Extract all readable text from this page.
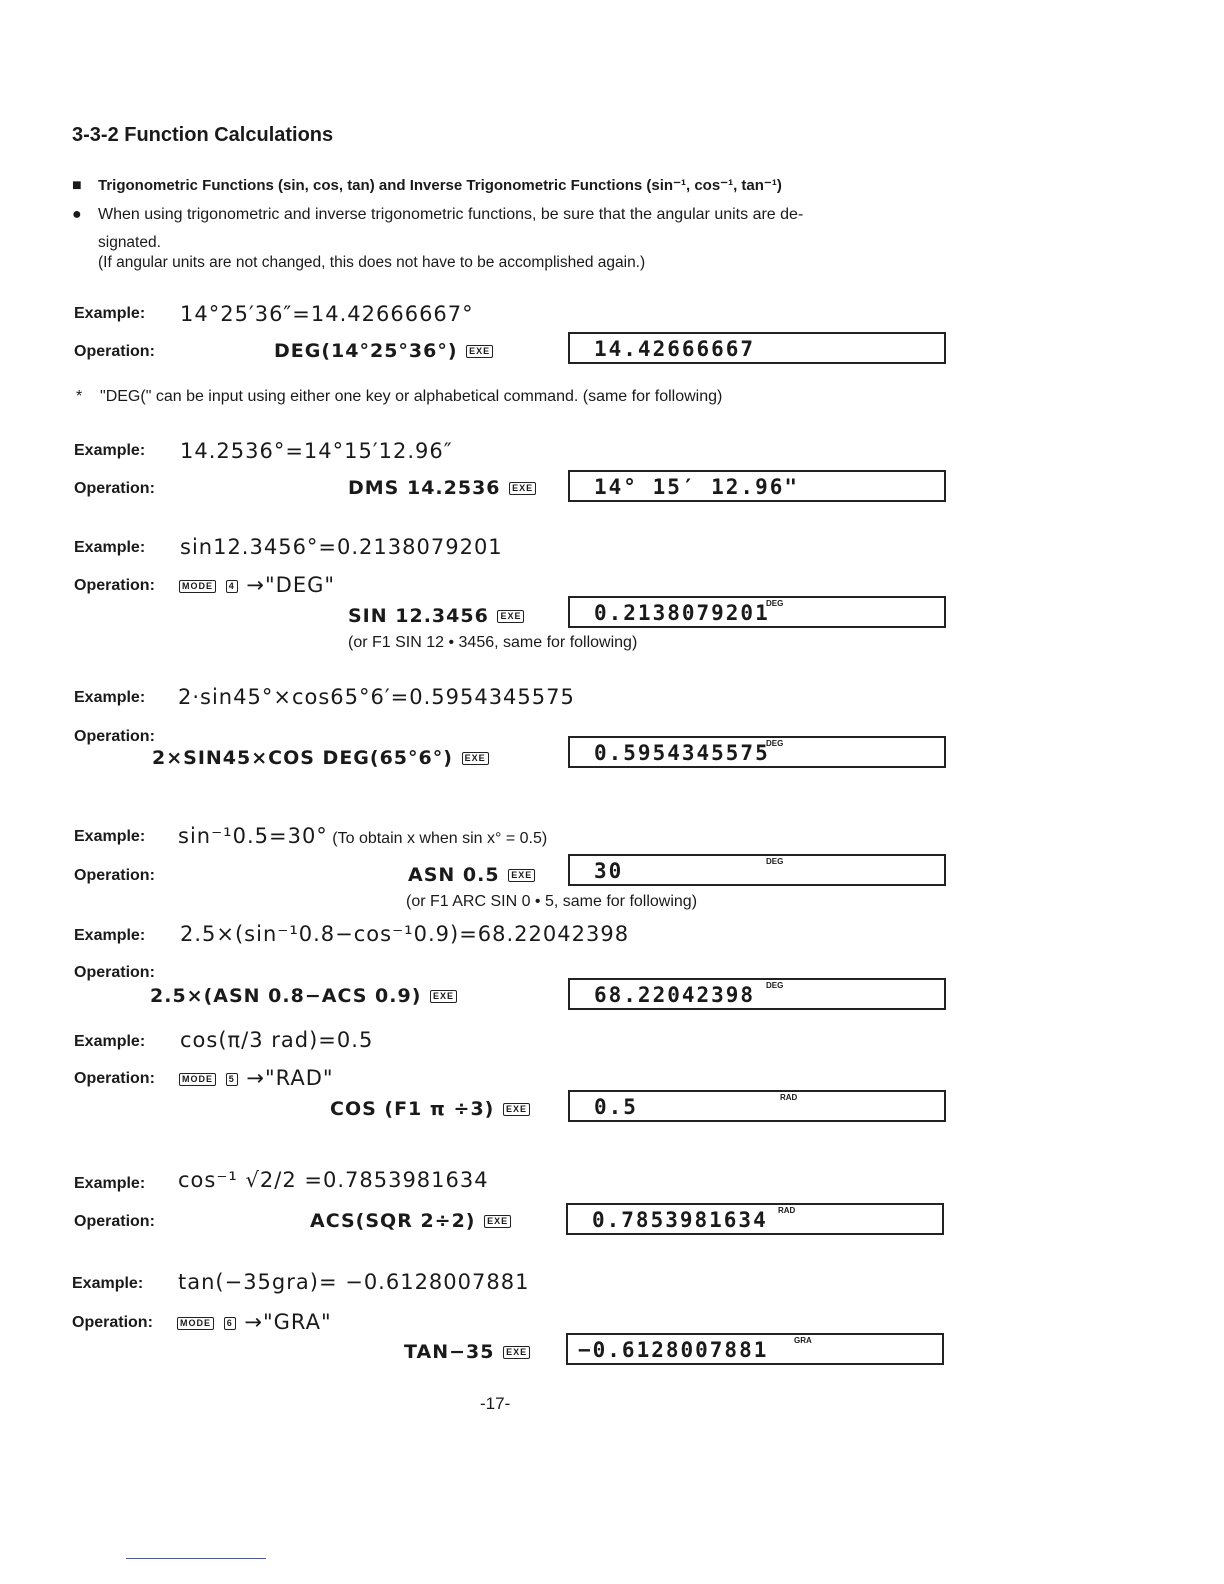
3-3-2 Function Calculations
■ Trigonometric Functions (sin, cos, tan) and Inverse Trigonometric Functions (sin⁻¹, cos⁻¹, tan⁻¹)
● When using trigonometric and inverse trigonometric functions, be sure that the angular units are de-
signated.
(If angular units are not changed, this does not have to be accomplished again.)
Example: 14°25′36″=14.42666667°
Operation:	DEG(14°25°36°) EXE	14.42666667
* "DEG(" can be input using either one key or alphabetical command. (same for following)
Example: 14.2536°=14°15′12.96″
Operation:	DMS 14.2536 EXE	14° 15′ 12.96"
Example: sin12.3456°=0.2138079201
Operation:	MODE 4 →"DEG"
SIN 12.3456 EXE	0.2138079201
DEG
(or F1 SIN 12 • 3456, same for following)
Example: 2·sin45°×cos65°6′=0.5954345575
Operation:
2×SIN45×COS DEG(65°6°) EXE	0.5954345575
DEG
Example: sin⁻¹0.5=30° (To obtain x when sin x° = 0.5)
Operation:	ASN 0.5 EXE	30	DEG
(or F1 ARC SIN 0 • 5, same for following)
Example: 2.5×(sin⁻¹0.8−cos⁻¹0.9)=68.22042398
Operation:
2.5×(ASN 0.8−ACS 0.9) EXE	68.22042398 DEG
Example: cos(π/3 rad)=0.5
Operation:	MODE 5 →"RAD"
COS (F1 π ÷3) EXE	0.5	RAD
Example: cos⁻¹ √2/2 =0.7853981634
Operation:	ACS(SQR 2÷2) EXE	0.7853981634 RAD
Example: tan(−35gra)= −0.6128007881
Operation:	MODE 6 →"GRA"
TAN−35 EXE	−0.6128007881	GRA
-17-
